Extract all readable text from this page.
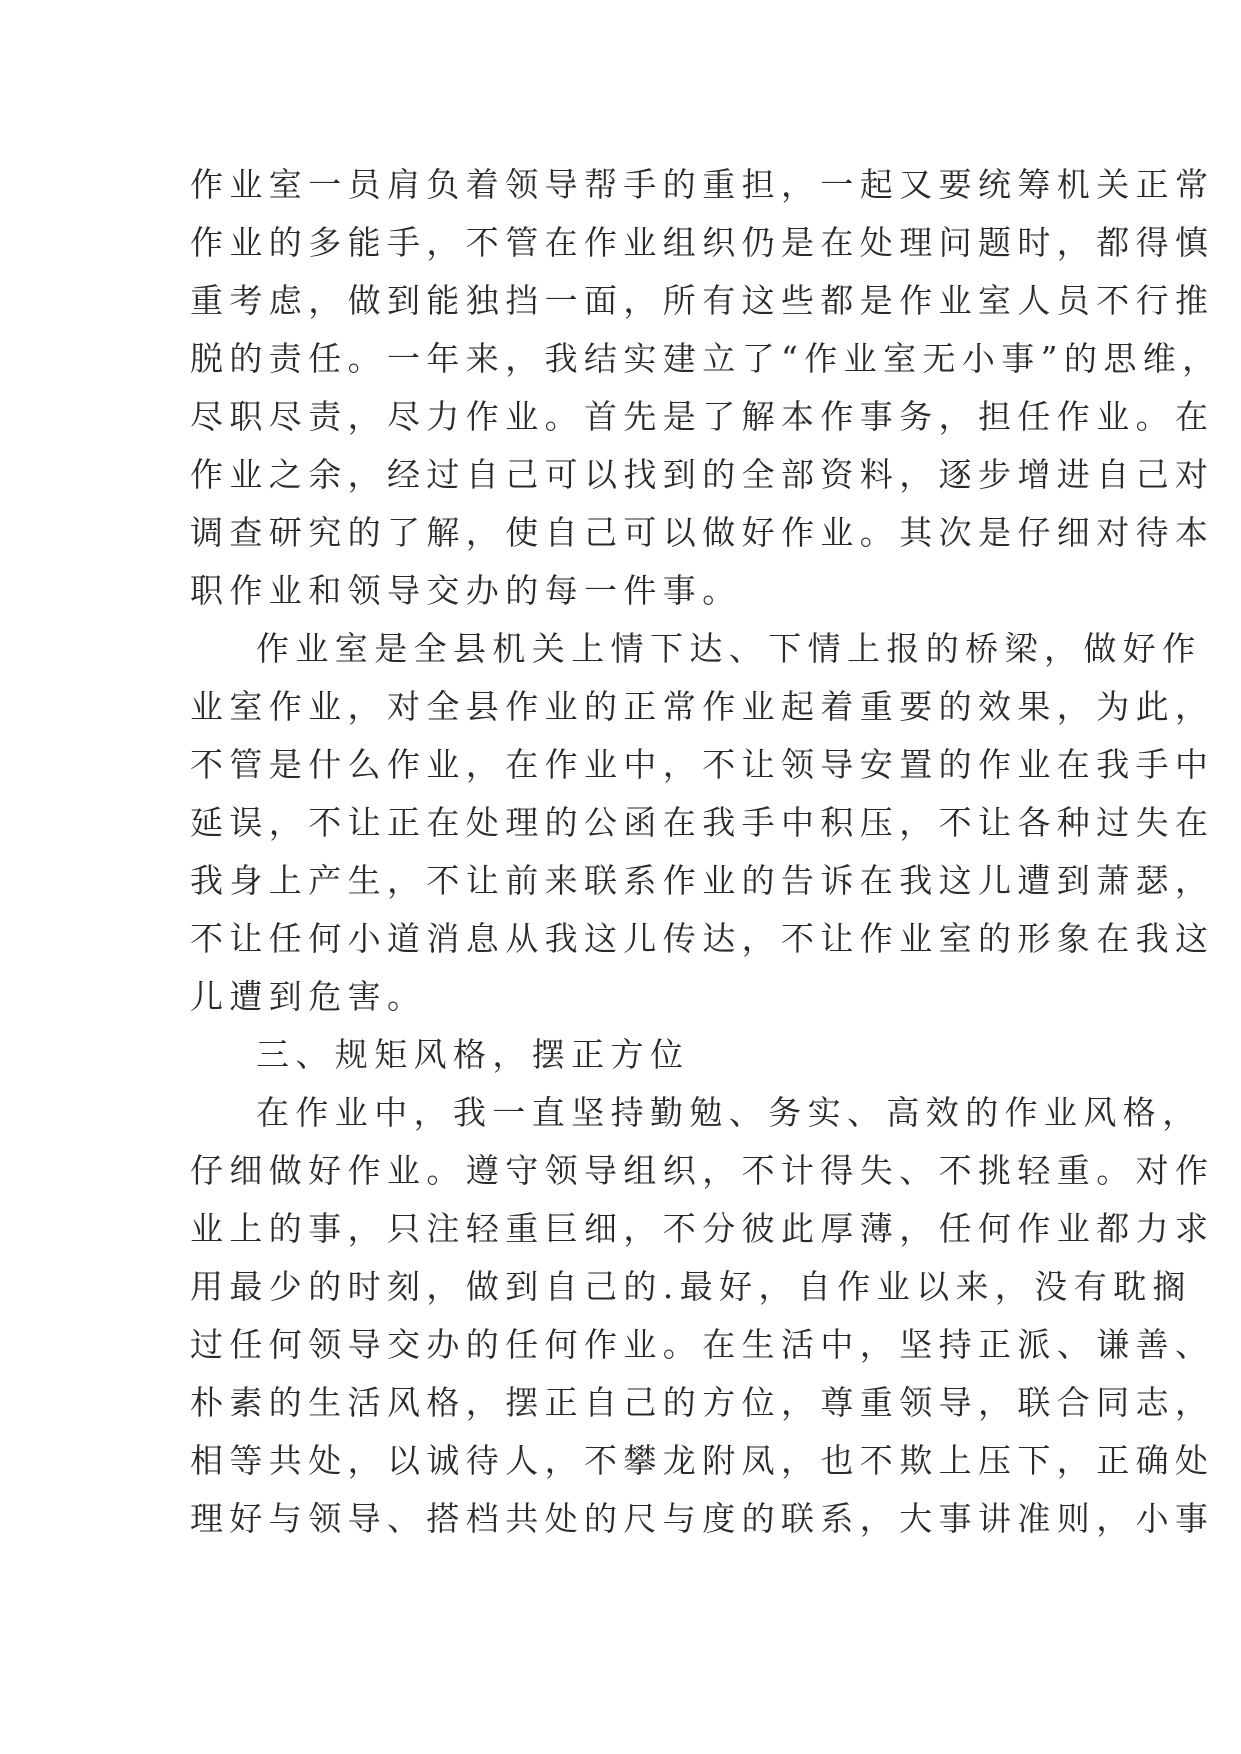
作业室一员肩负着领导帮手的重担，一起又要统筹机关正常
作业的多能手，不管在作业组织仍是在处理问题时，都得慎
重考虑，做到能独挡一面，所有这些都是作业室人员不行推
脱的责任。一年来，我结实建立了“作业室无小事”的思维，
尽职尽责，尽力作业。首先是了解本作事务，担任作业。在
作业之余，经过自己可以找到的全部资料，逐步增进自己对
调查研究的了解，使自己可以做好作业。其次是仔细对待本
职作业和领导交办的每一件事。
作业室是全县机关上情下达、下情上报的桥梁，做好作
业室作业，对全县作业的正常作业起着重要的效果，为此，
不管是什么作业，在作业中，不让领导安置的作业在我手中
延误，不让正在处理的公函在我手中积压，不让各种过失在
我身上产生，不让前来联系作业的告诉在我这儿遭到萧瑟，
不让任何小道消息从我这儿传达，不让作业室的形象在我这
儿遭到危害。
三、规矩风格，摆正方位
在作业中，我一直坚持勤勉、务实、高效的作业风格，
仔细做好作业。遵守领导组织，不计得失、不挑轻重。对作
业上的事，只注轻重巨细，不分彼此厚薄，任何作业都力求
用最少的时刻，做到自己的.最好，自作业以来，没有耽搁
过任何领导交办的任何作业。在生活中，坚持正派、谦善、
朴素的生活风格，摆正自己的方位，尊重领导，联合同志，
相等共处，以诚待人，不攀龙附凤，也不欺上压下，正确处
理好与领导、搭档共处的尺与度的联系，大事讲准则，小事
